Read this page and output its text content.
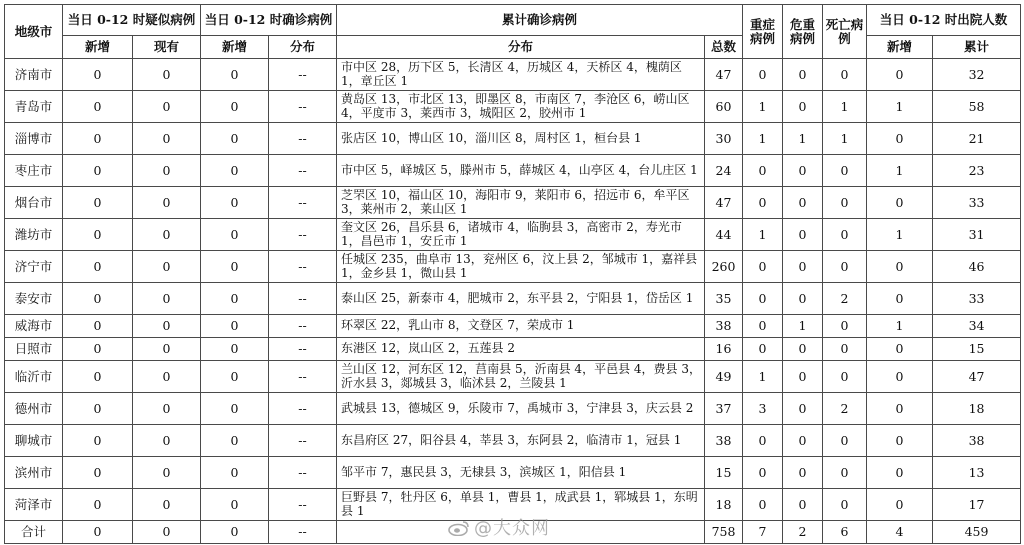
地级市	当日 0-12 时疑似病例		当日 0-12 时确诊病例		累计确诊病例		重症病例	危重病例	死亡病例	当日 0-12 时出院人数	
	新增	现有	新增	分布	分布	总数				新增	累计
济南市	0	0	0	--	市中区 28，历下区 5，长清区 4，历城区 4，天桥区 4，槐荫区 1，章丘区 1	47	0	0	0	0	32
青岛市	0	0	0	--	黄岛区 13，市北区 13，即墨区 8，市南区 7，李沧区 6，崂山区 4，平度市 3，莱西市 3，城阳区 2，胶州市 1	60	1	0	1	1	58
淄博市	0	0	0	--	张店区 10，博山区 10，淄川区 8，周村区 1，桓台县 1	30	1	1	1	0	21
枣庄市	0	0	0	--	市中区 5，峄城区 5，滕州市 5，薛城区 4，山亭区 4，台儿庄区 1	24	0	0	0	1	23
烟台市	0	0	0	--	芝罘区 10，福山区 10，海阳市 9，莱阳市 6，招远市 6，牟平区 3，莱州市 2，莱山区 1	47	0	0	0	0	33
潍坊市	0	0	0	--	奎文区 26，昌乐县 6，诸城市 4，临朐县 3，高密市 2，寿光市 1，昌邑市 1，安丘市 1	44	1	0	0	1	31
济宁市	0	0	0	--	任城区 235，曲阜市 13，兖州区 6，汶上县 2，邹城市 1，嘉祥县 1，金乡县 1，微山县 1	260	0	0	0	0	46
泰安市	0	0	0	--	泰山区 25，新泰市 4，肥城市 2，东平县 2，宁阳县 1，岱岳区 1	35	0	0	2	0	33
威海市	0	0	0	--	环翠区 22，乳山市 8，文登区 7，荣成市 1	38	0	1	0	1	34
日照市	0	0	0	--	东港区 12，岚山区 2，五莲县 2	16	0	0	0	0	15
临沂市	0	0	0	--	兰山区 12，河东区 12，莒南县 5，沂南县 4，平邑县 4，费县 3，沂水县 3，郯城县 3，临沭县 2，兰陵县 1	49	1	0	0	0	47
德州市	0	0	0	--	武城县 13，德城区 9，乐陵市 7，禹城市 3，宁津县 3，庆云县 2	37	3	0	2	0	18
聊城市	0	0	0	--	东昌府区 27，阳谷县 4，莘县 3，东阿县 2，临清市 1，冠县 1	38	0	0	0	0	38
滨州市	0	0	0	--	邹平市 7，惠民县 3，无棣县 3，滨城区 1，阳信县 1	15	0	0	0	0	13
菏泽市	0	0	0	--	巨野县 7，牡丹区 6，单县 1，曹县 1，成武县 1，郓城县 1，东明县 1	18	0	0	0	0	17
合计	0	0	0	--		758	7	2	6	4	459
@大众网
